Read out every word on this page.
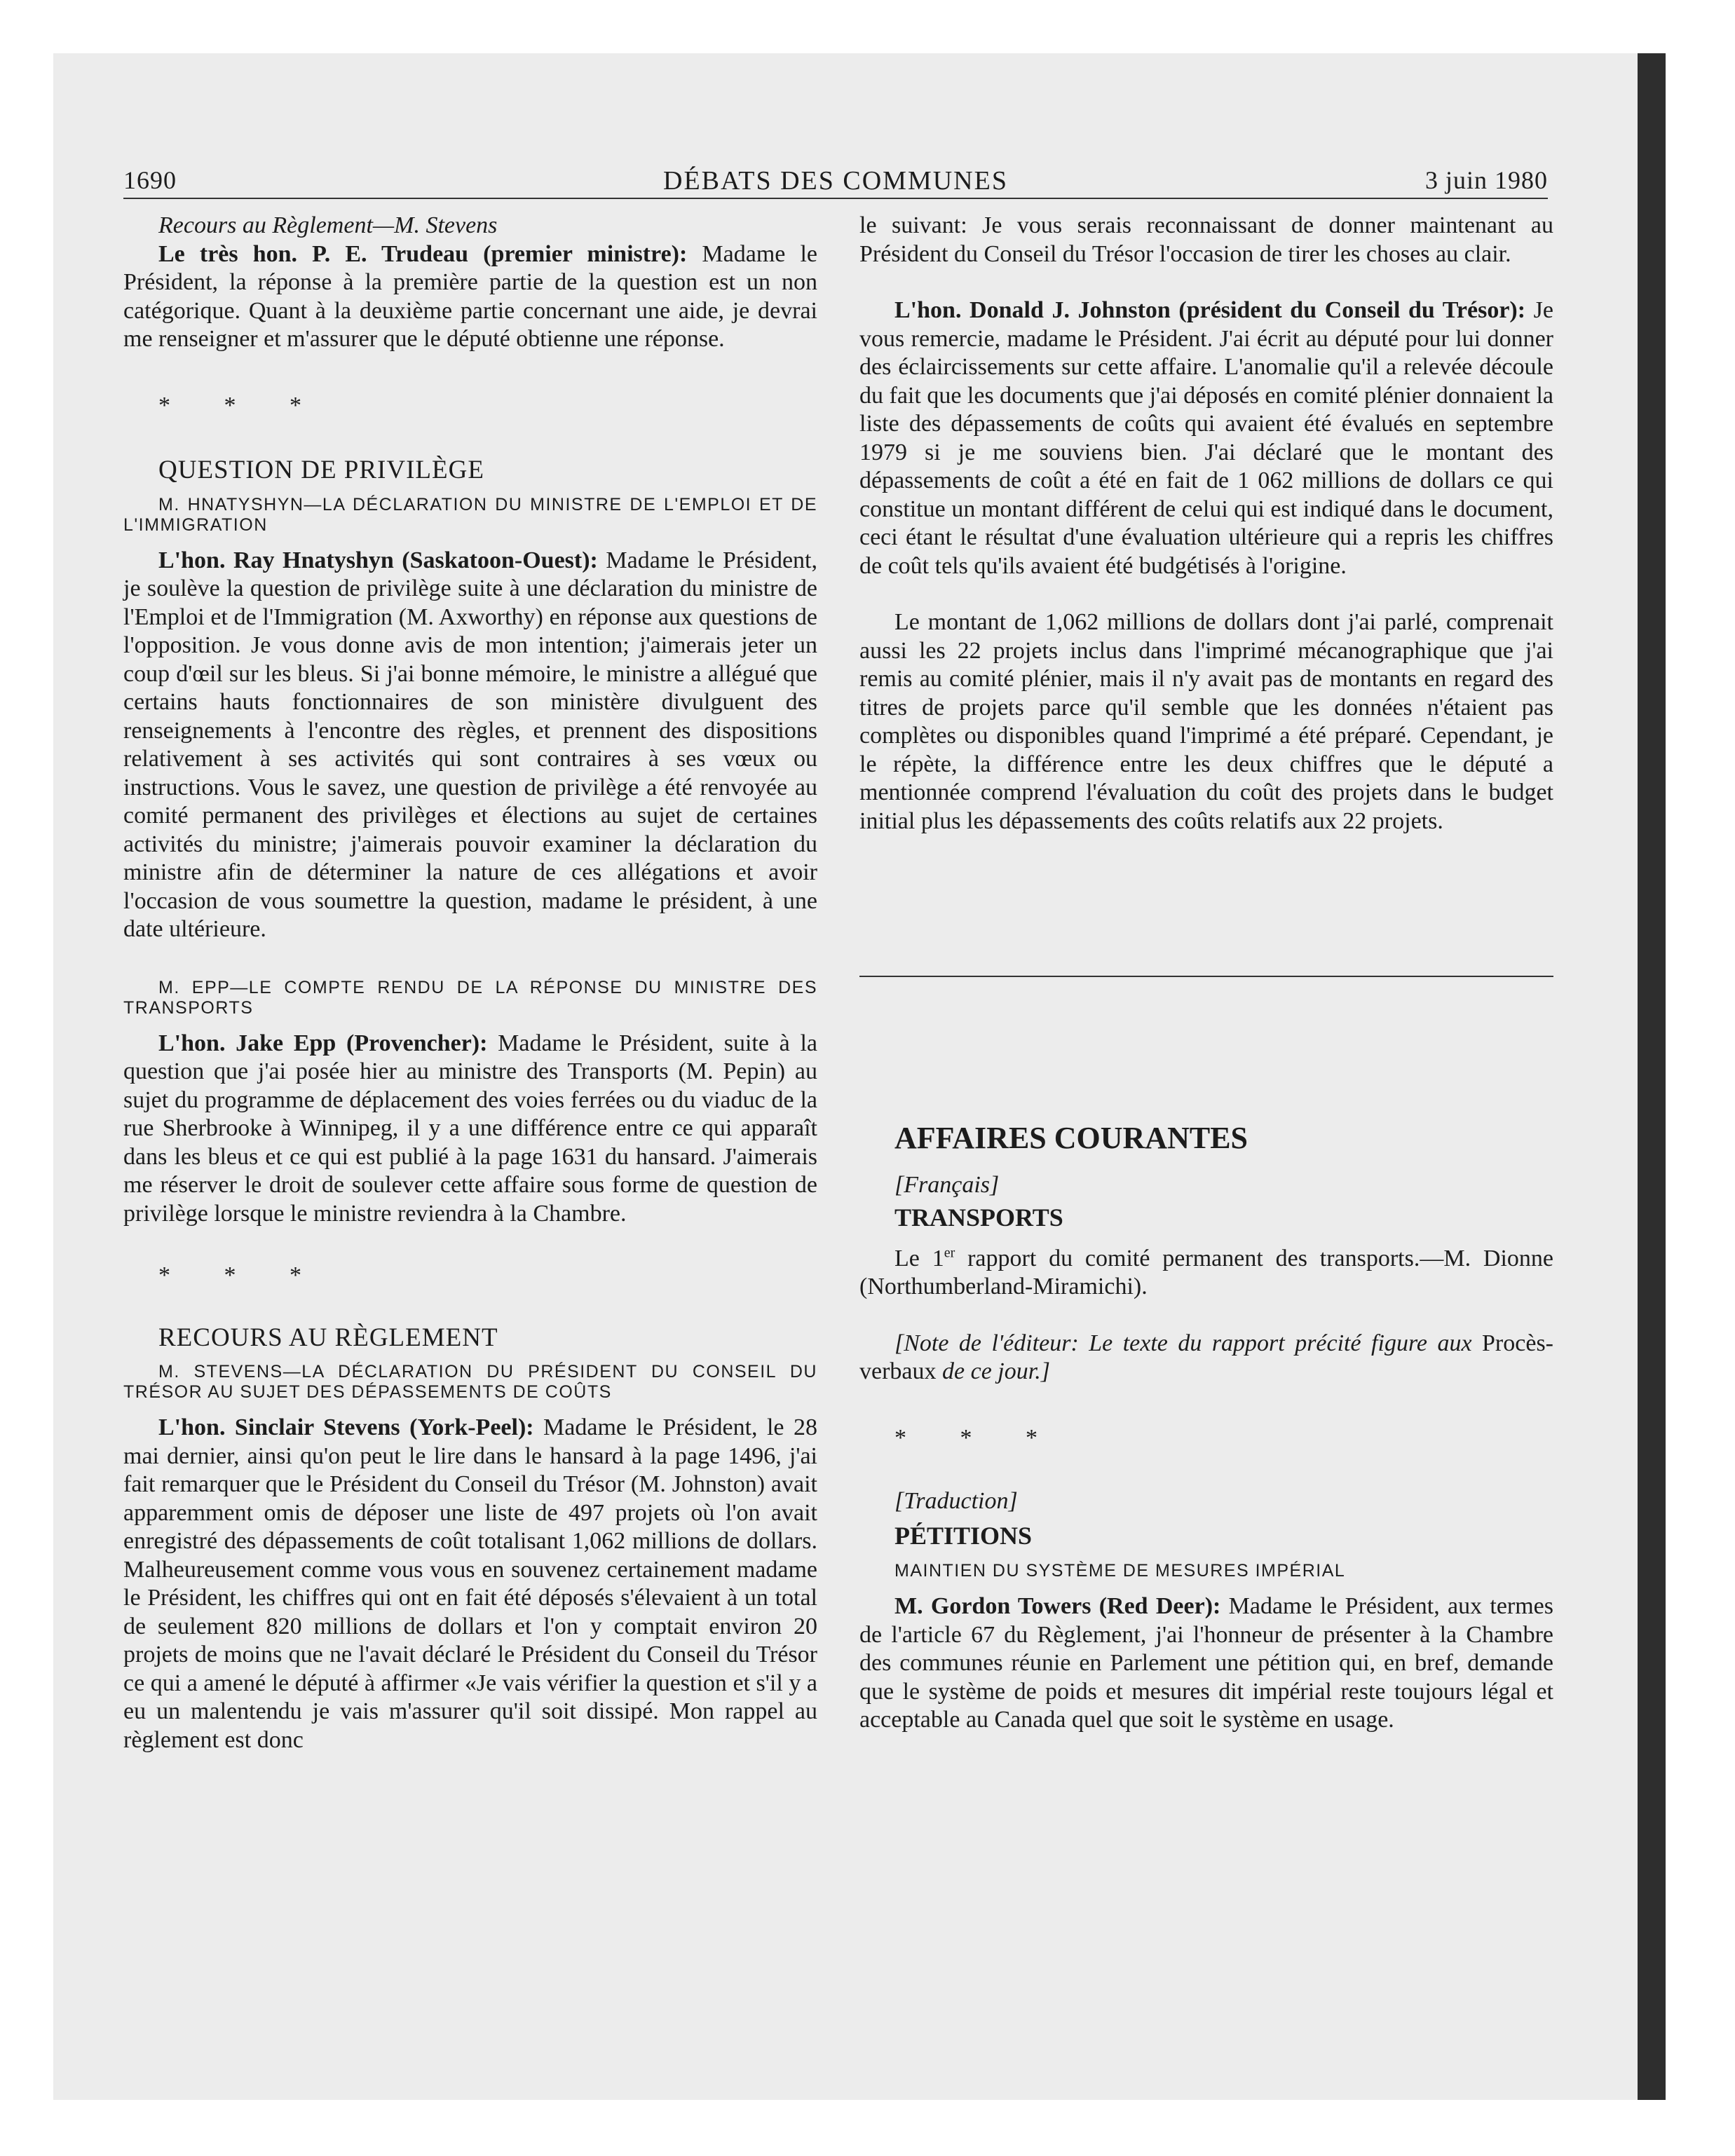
1690	DÉBATS DES COMMUNES	3 juin 1980

Recours au Règlement—M. Stevens

Le très hon. P. E. Trudeau (premier ministre): Madame le Président, la réponse à la première partie de la question est un non catégorique. Quant à la deuxième partie concernant une aide, je devrai me renseigner et m'assurer que le député obtienne une réponse.

* * *

QUESTION DE PRIVILÈGE

M. HNATYSHYN—LA DÉCLARATION DU MINISTRE DE L'EMPLOI ET DE L'IMMIGRATION

L'hon. Ray Hnatyshyn (Saskatoon-Ouest): Madame le Président, je soulève la question de privilège suite à une déclaration du ministre de l'Emploi et de l'Immigration (M. Axworthy) en réponse aux questions de l'opposition. Je vous donne avis de mon intention; j'aimerais jeter un coup d'œil sur les bleus. Si j'ai bonne mémoire, le ministre a allégué que certains hauts fonctionnaires de son ministère divulguent des renseignements à l'encontre des règles, et prennent des dispositions relativement à ses activités qui sont contraires à ses vœux ou instructions. Vous le savez, une question de privilège a été renvoyée au comité permanent des privilèges et élections au sujet de certaines activités du ministre; j'aimerais pouvoir examiner la déclaration du ministre afin de déterminer la nature de ces allégations et avoir l'occasion de vous soumettre la question, madame le président, à une date ultérieure.

M. EPP—LE COMPTE RENDU DE LA RÉPONSE DU MINISTRE DES TRANSPORTS

L'hon. Jake Epp (Provencher): Madame le Président, suite à la question que j'ai posée hier au ministre des Transports (M. Pepin) au sujet du programme de déplacement des voies ferrées ou du viaduc de la rue Sherbrooke à Winnipeg, il y a une différence entre ce qui apparaît dans les bleus et ce qui est publié à la page 1631 du hansard. J'aimerais me réserver le droit de soulever cette affaire sous forme de question de privilège lorsque le ministre reviendra à la Chambre.

* * *

RECOURS AU RÈGLEMENT

M. STEVENS—LA DÉCLARATION DU PRÉSIDENT DU CONSEIL DU TRÉSOR AU SUJET DES DÉPASSEMENTS DE COÛTS

L'hon. Sinclair Stevens (York-Peel): Madame le Président, le 28 mai dernier, ainsi qu'on peut le lire dans le hansard à la page 1496, j'ai fait remarquer que le Président du Conseil du Trésor (M. Johnston) avait apparemment omis de déposer une liste de 497 projets où l'on avait enregistré des dépassements de coût totalisant 1,062 millions de dollars. Malheureusement comme vous vous en souvenez certainement madame le Président, les chiffres qui ont en fait été déposés s'élevaient à un total de seulement 820 millions de dollars et l'on y comptait environ 20 projets de moins que ne l'avait déclaré le Président du Conseil du Trésor ce qui a amené le député à affirmer «Je vais vérifier la question et s'il y a eu un malentendu je vais m'assurer qu'il soit dissipé. Mon rappel au règlement est donc

le suivant: Je vous serais reconnaissant de donner maintenant au Président du Conseil du Trésor l'occasion de tirer les choses au clair.

L'hon. Donald J. Johnston (président du Conseil du Trésor): Je vous remercie, madame le Président. J'ai écrit au député pour lui donner des éclaircissements sur cette affaire. L'anomalie qu'il a relevée découle du fait que les documents que j'ai déposés en comité plénier donnaient la liste des dépassements de coûts qui avaient été évalués en septembre 1979 si je me souviens bien. J'ai déclaré que le montant des dépassements de coût a été en fait de 1 062 millions de dollars ce qui constitue un montant différent de celui qui est indiqué dans le document, ceci étant le résultat d'une évaluation ultérieure qui a repris les chiffres de coût tels qu'ils avaient été budgétisés à l'origine.

Le montant de 1,062 millions de dollars dont j'ai parlé, comprenait aussi les 22 projets inclus dans l'imprimé mécanographique que j'ai remis au comité plénier, mais il n'y avait pas de montants en regard des titres de projets parce qu'il semble que les données n'étaient pas complètes ou disponibles quand l'imprimé a été préparé. Cependant, je le répète, la différence entre les deux chiffres que le député a mentionnée comprend l'évaluation du coût des projets dans le budget initial plus les dépassements des coûts relatifs aux 22 projets.

AFFAIRES COURANTES

[Français]

TRANSPORTS

Le 1er rapport du comité permanent des transports.—M. Dionne (Northumberland-Miramichi).

[Note de l'éditeur: Le texte du rapport précité figure aux Procès-verbaux de ce jour.]

* * *

[Traduction]

PÉTITIONS

MAINTIEN DU SYSTÈME DE MESURES IMPÉRIAL

M. Gordon Towers (Red Deer): Madame le Président, aux termes de l'article 67 du Règlement, j'ai l'honneur de présenter à la Chambre des communes réunie en Parlement une pétition qui, en bref, demande que le système de poids et mesures dit impérial reste toujours légal et acceptable au Canada quel que soit le système en usage.
